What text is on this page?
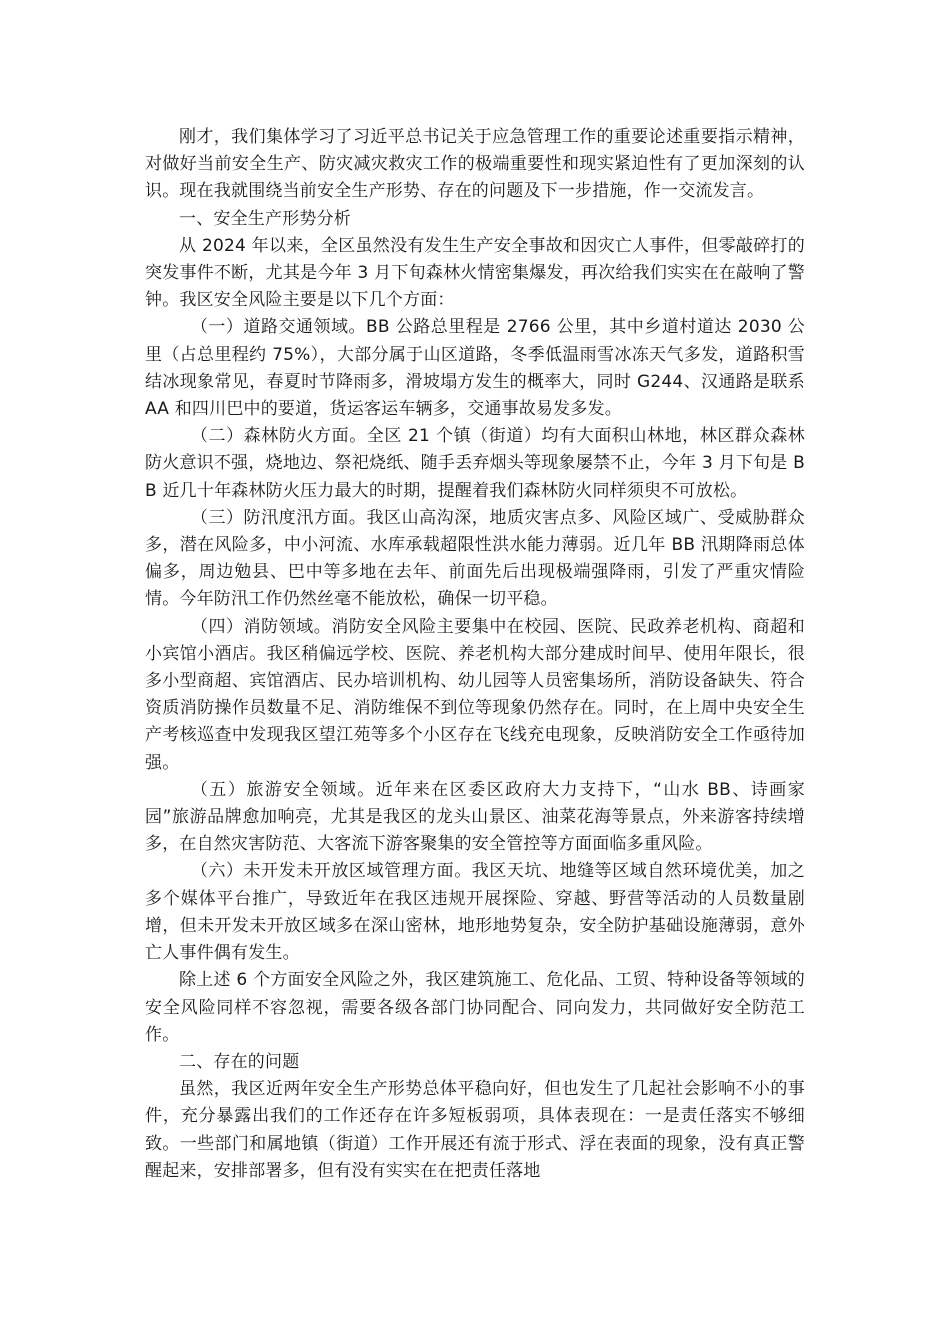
刚才，我们集体学习了习近平总书记关于应急管理工作的重要论述重要指示精神，对做好当前安全生产、防灾减灾救灾工作的极端重要性和现实紧迫性有了更加深刻的认识。现在我就围绕当前安全生产形势、存在的问题及下一步措施，作一交流发言。

一、安全生产形势分析

从 2024 年以来，全区虽然没有发生生产安全事故和因灾亡人事件，但零敲碎打的突发事件不断，尤其是今年 3 月下旬森林火情密集爆发，再次给我们实实在在敲响了警钟。我区安全风险主要是以下几个方面：

（一）道路交通领域。BB 公路总里程是 2766 公里，其中乡道村道达 2030 公里（占总里程约 75%），大部分属于山区道路，冬季低温雨雪冰冻天气多发，道路积雪结冰现象常见，春夏时节降雨多，滑坡塌方发生的概率大，同时 G244、汉通路是联系 AA 和四川巴中的要道，货运客运车辆多，交通事故易发多发。

（二）森林防火方面。全区 21 个镇（街道）均有大面积山林地，林区群众森林防火意识不强，烧地边、祭祀烧纸、随手丢弃烟头等现象屡禁不止，今年 3 月下旬是 BB 近几十年森林防火压力最大的时期，提醒着我们森林防火同样须臾不可放松。

（三）防汛度汛方面。我区山高沟深，地质灾害点多、风险区域广、受威胁群众多，潜在风险多，中小河流、水库承载超限性洪水能力薄弱。近几年 BB 汛期降雨总体偏多，周边勉县、巴中等多地在去年、前面先后出现极端强降雨，引发了严重灾情险情。今年防汛工作仍然丝毫不能放松，确保一切平稳。

（四）消防领域。消防安全风险主要集中在校园、医院、民政养老机构、商超和小宾馆小酒店。我区稍偏远学校、医院、养老机构大部分建成时间早、使用年限长，很多小型商超、宾馆酒店、民办培训机构、幼儿园等人员密集场所，消防设备缺失、符合资质消防操作员数量不足、消防维保不到位等现象仍然存在。同时，在上周中央安全生产考核巡查中发现我区望江苑等多个小区存在飞线充电现象，反映消防安全工作亟待加强。

（五）旅游安全领域。近年来在区委区政府大力支持下，“山水 BB、诗画家园”旅游品牌愈加响亮，尤其是我区的龙头山景区、油菜花海等景点，外来游客持续增多，在自然灾害防范、大客流下游客聚集的安全管控等方面面临多重风险。

（六）未开发未开放区域管理方面。我区天坑、地缝等区域自然环境优美，加之多个媒体平台推广，导致近年在我区违规开展探险、穿越、野营等活动的人员数量剧增，但未开发未开放区域多在深山密林，地形地势复杂，安全防护基础设施薄弱，意外亡人事件偶有发生。

除上述 6 个方面安全风险之外，我区建筑施工、危化品、工贸、特种设备等领域的安全风险同样不容忽视，需要各级各部门协同配合、同向发力，共同做好安全防范工作。

二、存在的问题

虽然，我区近两年安全生产形势总体平稳向好，但也发生了几起社会影响不小的事件，充分暴露出我们的工作还存在许多短板弱项，具体表现在：一是责任落实不够细致。一些部门和属地镇（街道）工作开展还有流于形式、浮在表面的现象，没有真正警醒起来，安排部署多，但有没有实实在在把责任落地
